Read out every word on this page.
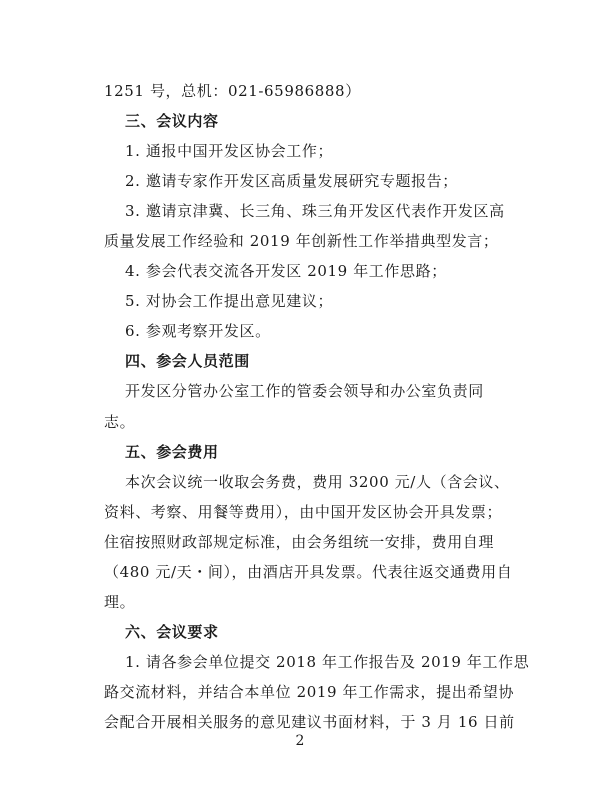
1251 号，总机：021-65986888）
三、会议内容
1. 通报中国开发区协会工作；
2. 邀请专家作开发区高质量发展研究专题报告；
3. 邀请京津冀、长三角、珠三角开发区代表作开发区高
质量发展工作经验和 2019 年创新性工作举措典型发言；
4. 参会代表交流各开发区 2019 年工作思路；
5. 对协会工作提出意见建议；
6. 参观考察开发区。
四、参会人员范围
开发区分管办公室工作的管委会领导和办公室负责同
志。
五、参会费用
本次会议统一收取会务费，费用 3200 元/人（含会议、
资料、考察、用餐等费用），由中国开发区协会开具发票；
住宿按照财政部规定标准，由会务组统一安排，费用自理
（480 元/天・间），由酒店开具发票。代表往返交通费用自
理。
六、会议要求
1. 请各参会单位提交 2018 年工作报告及 2019 年工作思
路交流材料，并结合本单位 2019 年工作需求，提出希望协
会配合开展相关服务的意见建议书面材料，于 3 月 16 日前
2
